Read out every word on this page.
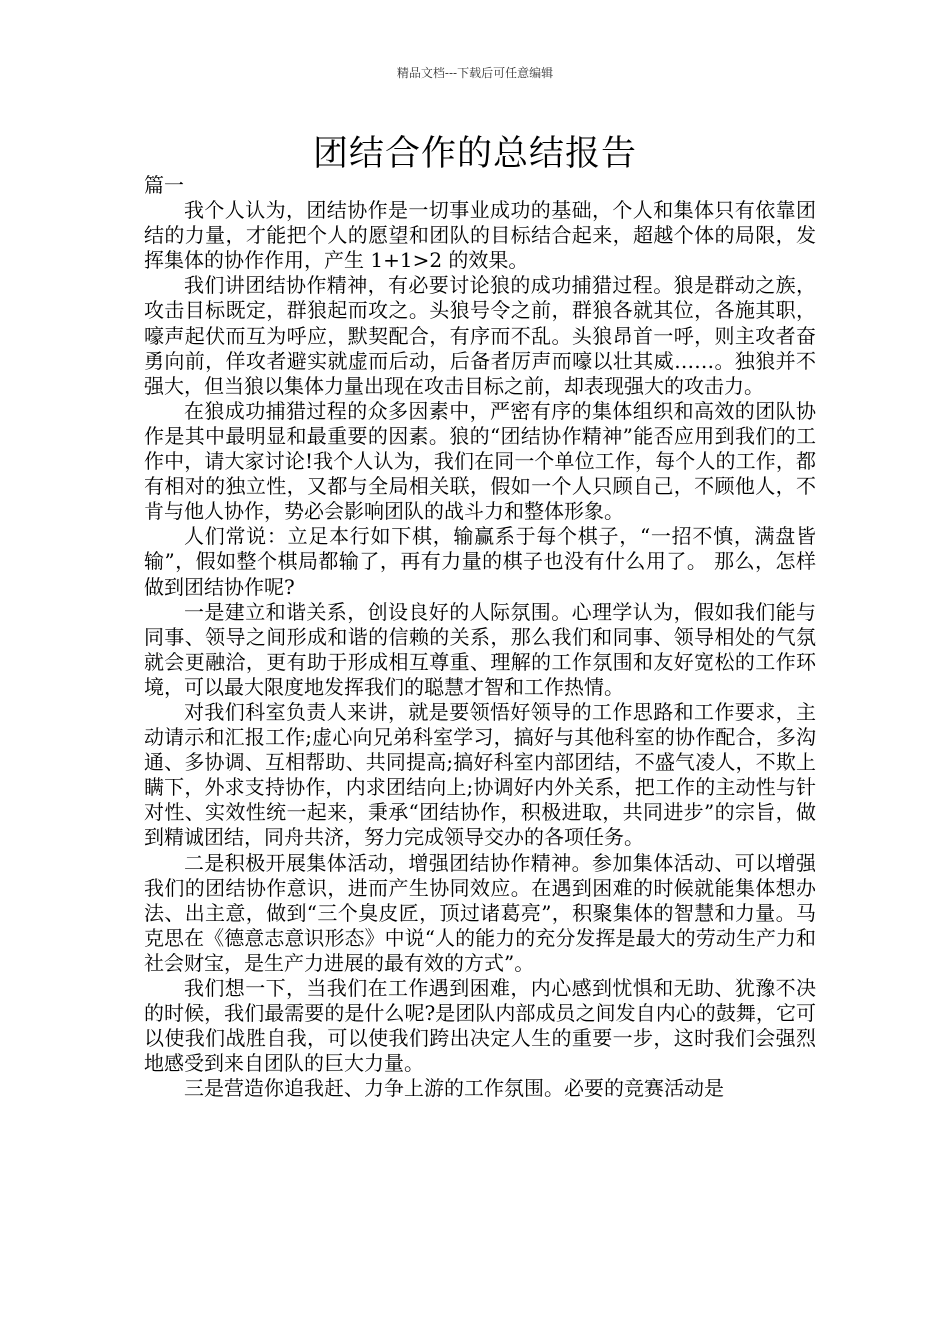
精品文档---下载后可任意编辑
团结合作的总结报告

篇一

我个人认为，团结协作是一切事业成功的基础，个人和集体只有依靠团结的力量，才能把个人的愿望和团队的目标结合起来，超越个体的局限，发挥集体的协作作用，产生 1+1>2 的效果。

我们讲团结协作精神，有必要讨论狼的成功捕猎过程。狼是群动之族，攻击目标既定，群狼起而攻之。头狼号令之前，群狼各就其位，各施其职，嚎声起伏而互为呼应，默契配合，有序而不乱。头狼昂首一呼，则主攻者奋勇向前，佯攻者避实就虚而后动，后备者厉声而嚎以壮其威……。独狼并不强大，但当狼以集体力量出现在攻击目标之前，却表现强大的攻击力。

在狼成功捕猎过程的众多因素中，严密有序的集体组织和高效的团队协作是其中最明显和最重要的因素。狼的“团结协作精神”能否应用到我们的工作中，请大家讨论!我个人认为，我们在同一个单位工作，每个人的工作，都有相对的独立性，又都与全局相关联，假如一个人只顾自己，不顾他人，不肯与他人协作，势必会影响团队的战斗力和整体形象。

人们常说：立足本行如下棋，输赢系于每个棋子，“一招不慎，满盘皆输”，假如整个棋局都输了，再有力量的棋子也没有什么用了。 那么，怎样做到团结协作呢?

一是建立和谐关系，创设良好的人际氛围。心理学认为，假如我们能与同事、领导之间形成和谐的信赖的关系，那么我们和同事、领导相处的气氛就会更融洽，更有助于形成相互尊重、理解的工作氛围和友好宽松的工作环境，可以最大限度地发挥我们的聪慧才智和工作热情。

对我们科室负责人来讲，就是要领悟好领导的工作思路和工作要求，主动请示和汇报工作;虚心向兄弟科室学习，搞好与其他科室的协作配合，多沟通、多协调、互相帮助、共同提高;搞好科室内部团结，不盛气凌人，不欺上瞒下，外求支持协作，内求团结向上;协调好内外关系，把工作的主动性与针对性、实效性统一起来，秉承“团结协作，积极进取，共同进步”的宗旨，做到精诚团结，同舟共济，努力完成领导交办的各项任务。

二是积极开展集体活动，增强团结协作精神。参加集体活动、可以增强我们的团结协作意识，进而产生协同效应。在遇到困难的时候就能集体想办法、出主意，做到“三个臭皮匠，顶过诸葛亮”，积聚集体的智慧和力量。马克思在《德意志意识形态》中说“人的能力的充分发挥是最大的劳动生产力和社会财宝，是生产力进展的最有效的方式”。

我们想一下，当我们在工作遇到困难，内心感到忧惧和无助、犹豫不决的时候，我们最需要的是什么呢?是团队内部成员之间发自内心的鼓舞，它可以使我们战胜自我，可以使我们跨出决定人生的重要一步，这时我们会强烈地感受到来自团队的巨大力量。

三是营造你追我赶、力争上游的工作氛围。必要的竞赛活动是
